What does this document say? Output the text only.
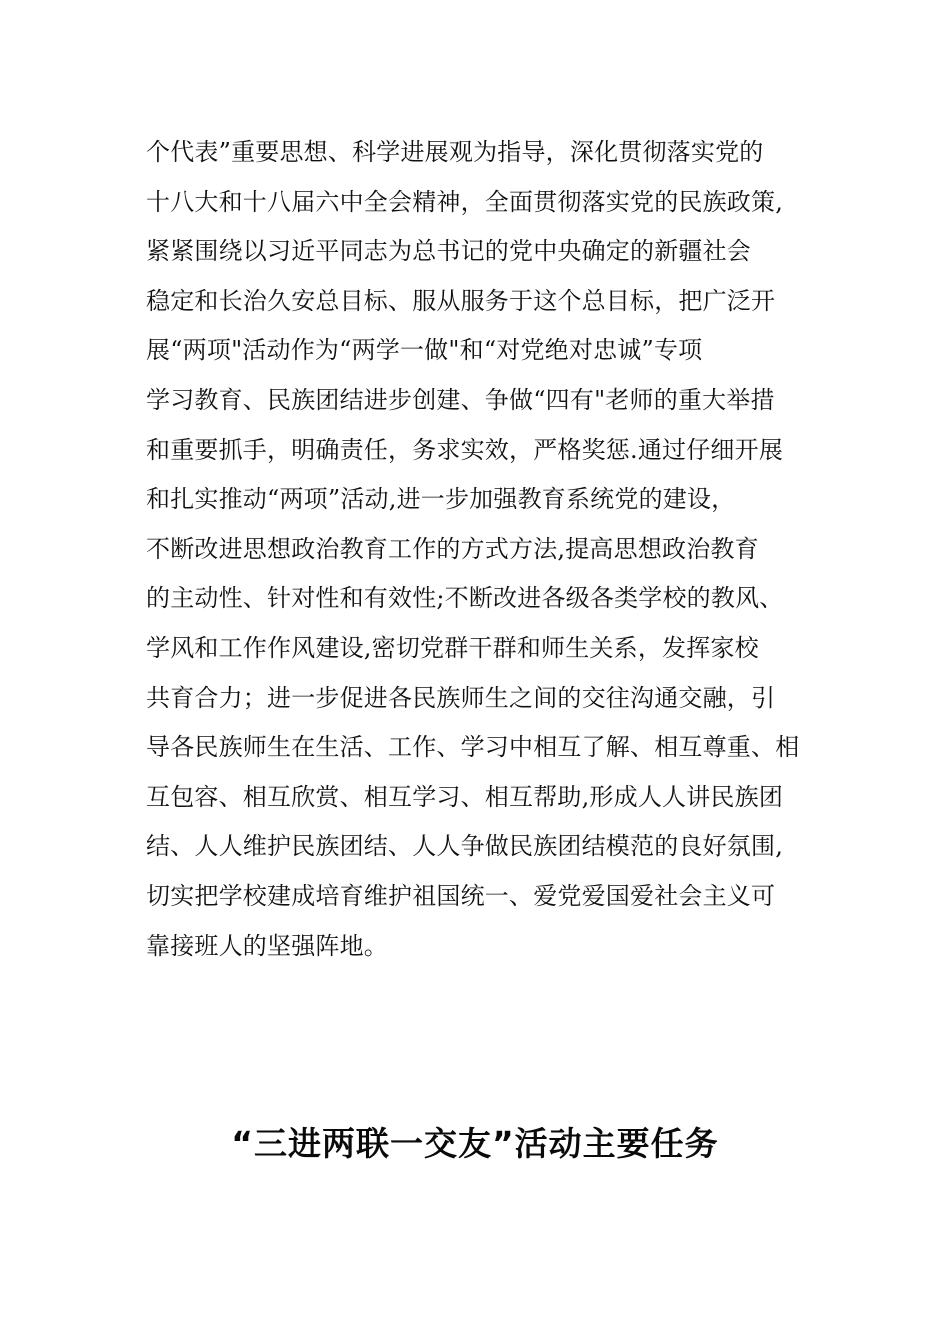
个代表”重要思想、科学进展观为指导，深化贯彻落实党的
十八大和十八届六中全会精神，全面贯彻落实党的民族政策,
紧紧围绕以习近平同志为总书记的党中央确定的新疆社会
稳定和长治久安总目标、服从服务于这个总目标，把广泛开
展“两项"活动作为“两学一做"和“对党绝对忠诚”专项
学习教育、民族团结进步创建、争做“四有"老师的重大举措
和重要抓手，明确责任，务求实效，严格奖惩.通过仔细开展
和扎实推动“两项”活动,进一步加强教育系统党的建设，
不断改进思想政治教育工作的方式方法,提高思想政治教育
的主动性、针对性和有效性;不断改进各级各类学校的教风、
学风和工作作风建设,密切党群干群和师生关系，发挥家校
共育合力；进一步促进各民族师生之间的交往沟通交融，引
导各民族师生在生活、工作、学习中相互了解、相互尊重、相
互包容、相互欣赏、相互学习、相互帮助,形成人人讲民族团
结、人人维护民族团结、人人争做民族团结模范的良好氛围,
切实把学校建成培育维护祖国统一、爱党爱国爱社会主义可
靠接班人的坚强阵地。
“三进两联一交友”活动主要任务
